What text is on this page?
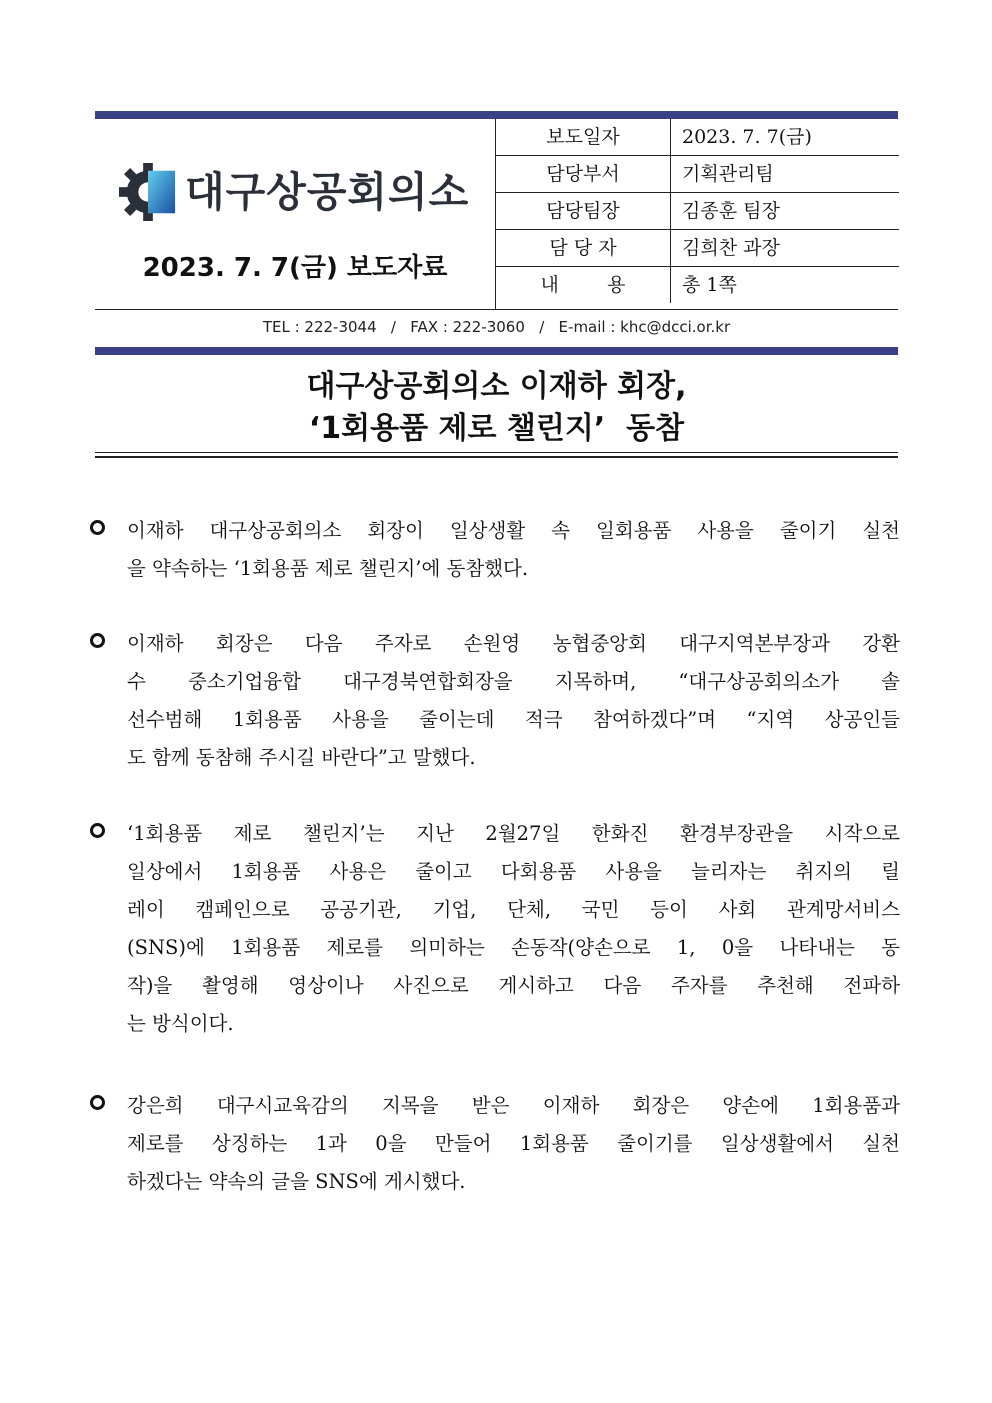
대구상공회의소
2023. 7. 7(금) 보도자료
보도일자	2023. 7. 7(금)
담당부서	기획관리팀
담당팀장	김종훈 팀장
담 당 자	김희찬 과장
내        용	총 1쪽
TEL : 222-3044   /   FAX : 222-3060   /   E-mail : khc@dcci.or.kr
대구상공회의소 이재하 회장,
‘1회용품 제로 챌린지’  동참
이재하 대구상공회의소 회장이 일상생활 속 일회용품 사용을 줄이기 실천
을 약속하는 ‘1회용품 제로 챌린지’에 동참했다.
이재하 회장은 다음 주자로 손원영 농협중앙회 대구지역본부장과 강환
수 중소기업융합 대구경북연합회장을 지목하며, “대구상공회의소가 솔
선수범해 1회용품 사용을 줄이는데 적극 참여하겠다”며 “지역 상공인들
도 함께 동참해 주시길 바란다”고 말했다.
‘1회용품 제로 챌린지’는 지난 2월27일 한화진 환경부장관을 시작으로
일상에서 1회용품 사용은 줄이고 다회용품 사용을 늘리자는 취지의 릴
레이 캠페인으로 공공기관, 기업, 단체, 국민 등이 사회 관계망서비스
(SNS)에 1회용품 제로를 의미하는 손동작(양손으로 1, 0을 나타내는 동
작)을 촬영해 영상이나 사진으로 게시하고 다음 주자를 추천해 전파하
는 방식이다.
강은희 대구시교육감의 지목을 받은 이재하 회장은 양손에 1회용품과
제로를 상징하는 1과 0을 만들어 1회용품 줄이기를 일상생활에서 실천
하겠다는 약속의 글을 SNS에 게시했다.
